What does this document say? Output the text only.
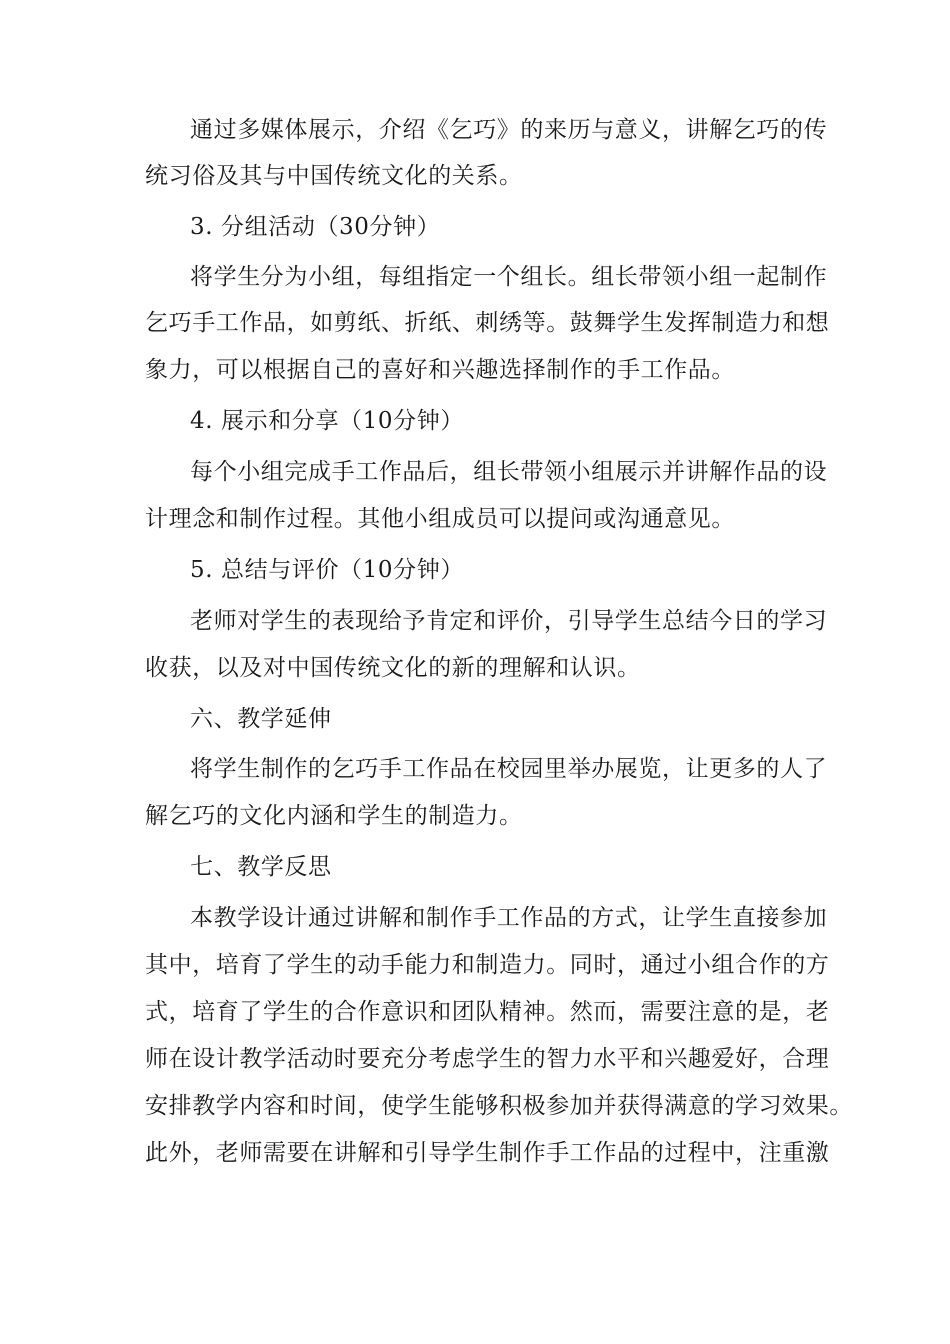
通过多媒体展示，介绍《乞巧》的来历与意义，讲解乞巧的传
统习俗及其与中国传统文化的关系。
3. 分组活动（30分钟）
将学生分为小组，每组指定一个组长。组长带领小组一起制作
乞巧手工作品，如剪纸、折纸、刺绣等。鼓舞学生发挥制造力和想
象力，可以根据自己的喜好和兴趣选择制作的手工作品。
4. 展示和分享（10分钟）
每个小组完成手工作品后，组长带领小组展示并讲解作品的设
计理念和制作过程。其他小组成员可以提问或沟通意见。
5. 总结与评价（10分钟）
老师对学生的表现给予肯定和评价，引导学生总结今日的学习
收获，以及对中国传统文化的新的理解和认识。
六、教学延伸
将学生制作的乞巧手工作品在校园里举办展览，让更多的人了
解乞巧的文化内涵和学生的制造力。
七、教学反思
本教学设计通过讲解和制作手工作品的方式，让学生直接参加
其中，培育了学生的动手能力和制造力。同时，通过小组合作的方
式，培育了学生的合作意识和团队精神。然而，需要注意的是，老
师在设计教学活动时要充分考虑学生的智力水平和兴趣爱好，合理
安排教学内容和时间，使学生能够积极参加并获得满意的学习效果。
此外，老师需要在讲解和引导学生制作手工作品的过程中，注重激
